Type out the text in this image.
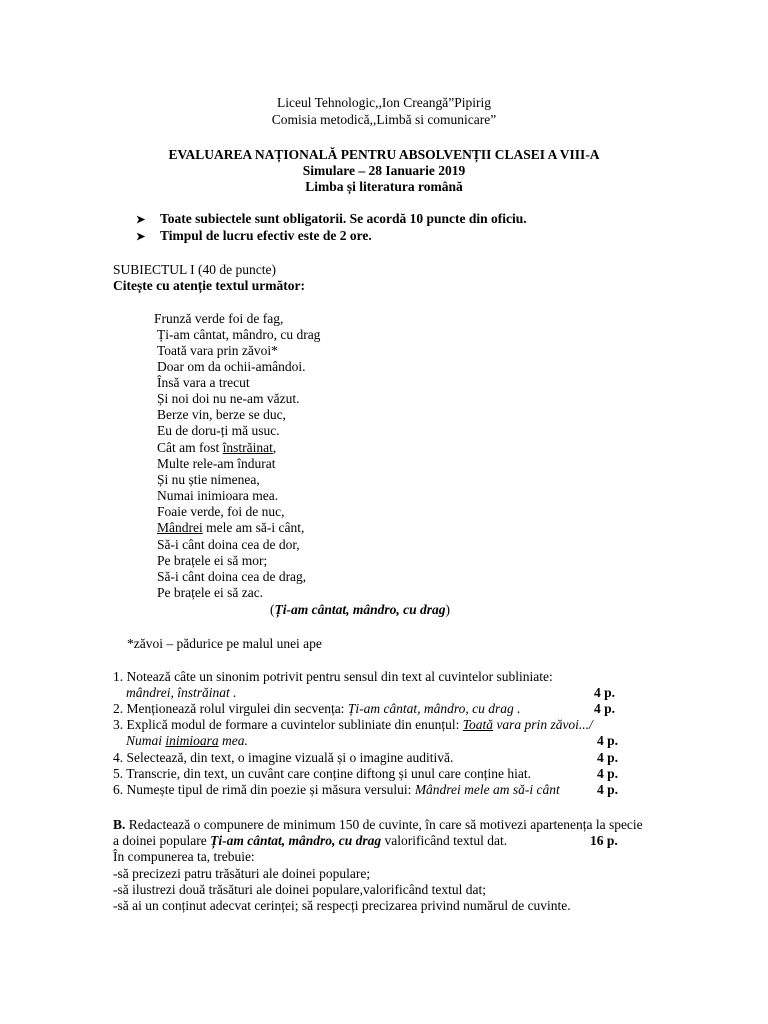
Liceul Tehnologic,,Ion Creangă”Pipirig
Comisia metodică,,Limbă si comunicare”
EVALUAREA NAȚIONALĂ PENTRU ABSOLVENȚII CLASEI A VIII-A
Simulare – 28 Ianuarie 2019
Limba și literatura română
➤ Toate subiectele sunt obligatorii. Se acordă 10 puncte din oficiu.
➤ Timpul de lucru efectiv este de 2 ore.
SUBIECTUL I (40 de puncte)
Citește cu atenție textul următor:
Frunză verde foi de fag,
Ți-am cântat, mândro, cu drag
Toată vara prin zăvoi*
Doar om da ochii-amândoi.
Însă vara a trecut
Și noi doi nu ne-am văzut.
Berze vin, berze se duc,
Eu de doru-ți mă usuc.
Cât am fost înstrăinat,
Multe rele-am îndurat
Și nu știe nimenea,
Numai inimioara mea.
Foaie verde, foi de nuc,
Mândrei mele am să-i cânt,
Să-i cânt doina cea de dor,
Pe brațele ei să mor;
Să-i cânt doina cea de drag,
Pe brațele ei să zac.
(Ți-am cântat, mândro, cu drag)
*zăvoi – pădurice pe malul unei ape
1. Notează câte un sinonim potrivit pentru sensul din text al cuvintelor subliniate:
mândrei, înstrăinat .	4 p.
2. Menționează rolul virgulei din secvența: Ți-am cântat, mândro, cu drag .	4 p.
3. Explică modul de formare a cuvintelor subliniate din enunțul: Toată vara prin zăvoi.../
Numai inimioara mea.	4 p.
4. Selectează, din text, o imagine vizuală și o imagine auditivă.	4 p.
5. Transcrie, din text, un cuvânt care conține diftong și unul care conține hiat.	4 p.
6. Numește tipul de rimă din poezie și măsura versului: Mândrei mele am să-i cânt	4 p.
B. Redactează o compunere de minimum 150 de cuvinte, în care să motivezi apartenența la specie
a doinei populare Ți-am cântat, mândro, cu drag valorificând textul dat.	16 p.
În compunerea ta, trebuie:
-să precizezi patru trăsături ale doinei populare;
-să ilustrezi două trăsături ale doinei populare,valorificând textul dat;
-să ai un conținut adecvat cerinței; să respecți precizarea privind numărul de cuvinte.
